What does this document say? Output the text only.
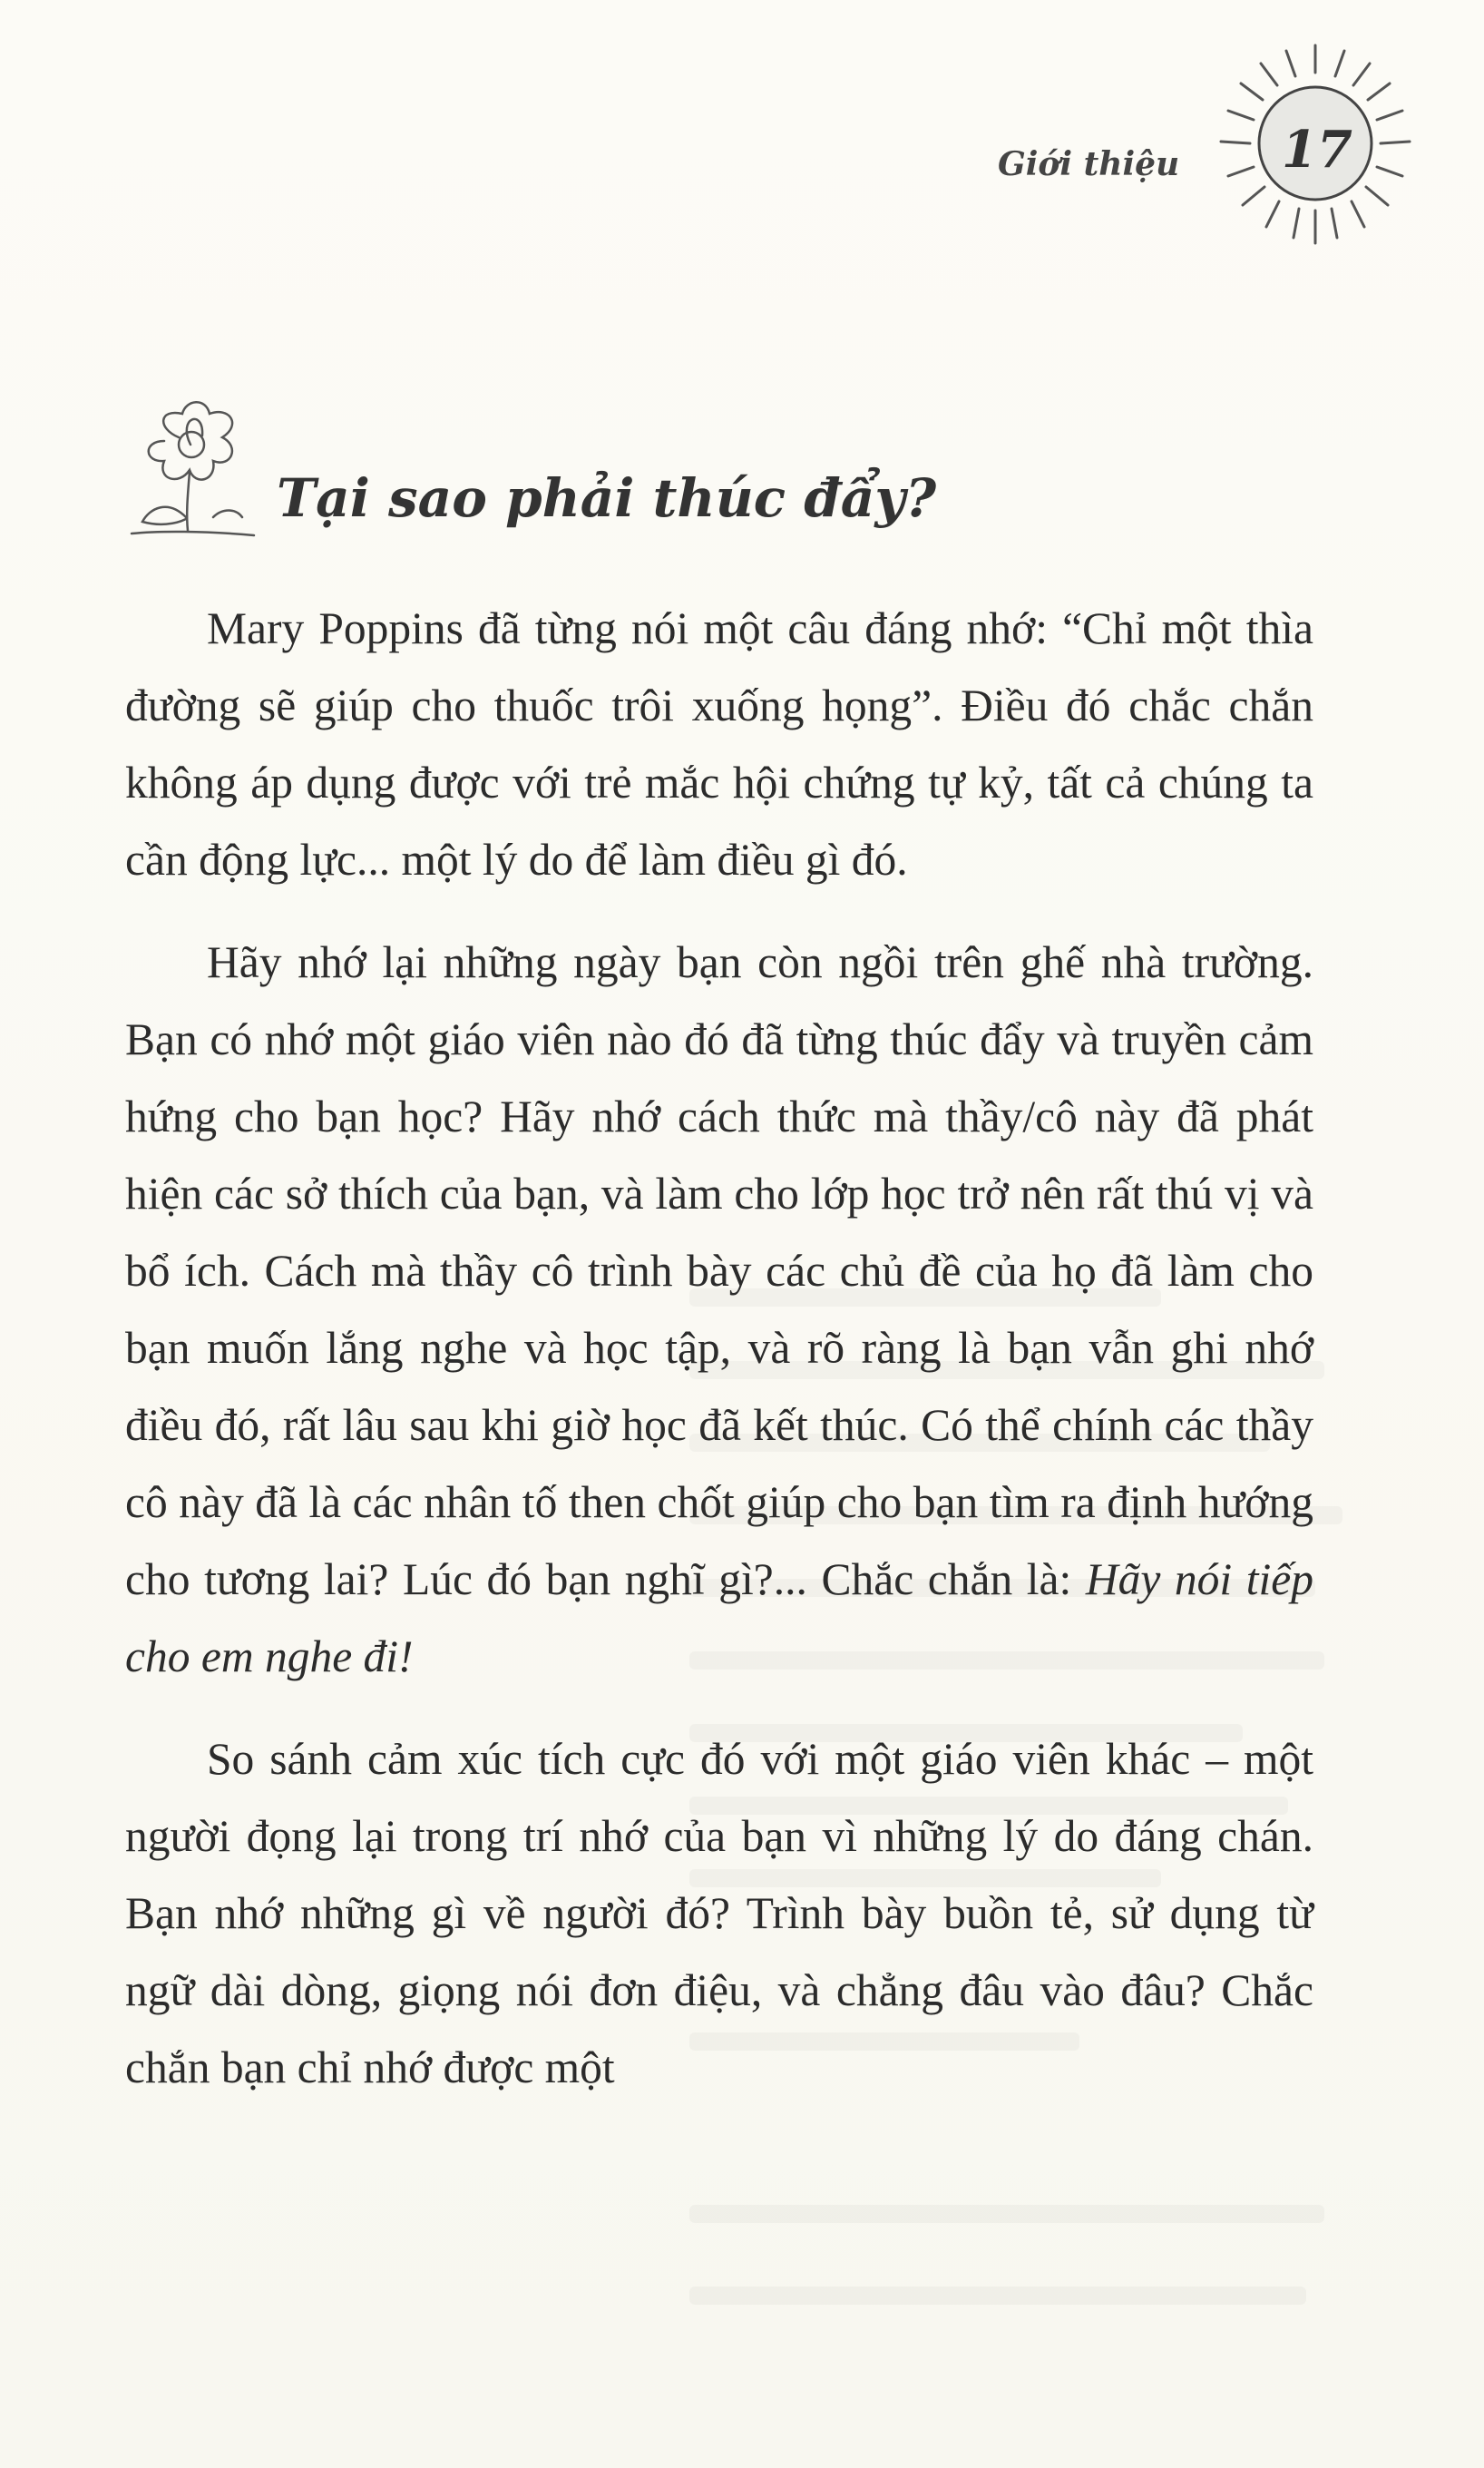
Giới thiệu	17
Tại sao phải thúc đẩy?

Mary Poppins đã từng nói một câu đáng nhớ: “Chỉ một thìa đường sẽ giúp cho thuốc trôi xuống họng”. Điều đó chắc chắn không áp dụng được với trẻ mắc hội chứng tự kỷ, tất cả chúng ta cần động lực... một lý do để làm điều gì đó.

Hãy nhớ lại những ngày bạn còn ngồi trên ghế nhà trường. Bạn có nhớ một giáo viên nào đó đã từng thúc đẩy và truyền cảm hứng cho bạn học? Hãy nhớ cách thức mà thầy/cô này đã phát hiện các sở thích của bạn, và làm cho lớp học trở nên rất thú vị và bổ ích. Cách mà thầy cô trình bày các chủ đề của họ đã làm cho bạn muốn lắng nghe và học tập, và rõ ràng là bạn vẫn ghi nhớ điều đó, rất lâu sau khi giờ học đã kết thúc. Có thể chính các thầy cô này đã là các nhân tố then chốt giúp cho bạn tìm ra định hướng cho tương lai? Lúc đó bạn nghĩ gì?... Chắc chắn là: Hãy nói tiếp cho em nghe đi!

So sánh cảm xúc tích cực đó với một giáo viên khác – một người đọng lại trong trí nhớ của bạn vì những lý do đáng chán. Bạn nhớ những gì về người đó? Trình bày buồn tẻ, sử dụng từ ngữ dài dòng, giọng nói đơn điệu, và chẳng đâu vào đâu? Chắc chắn bạn chỉ nhớ được một
